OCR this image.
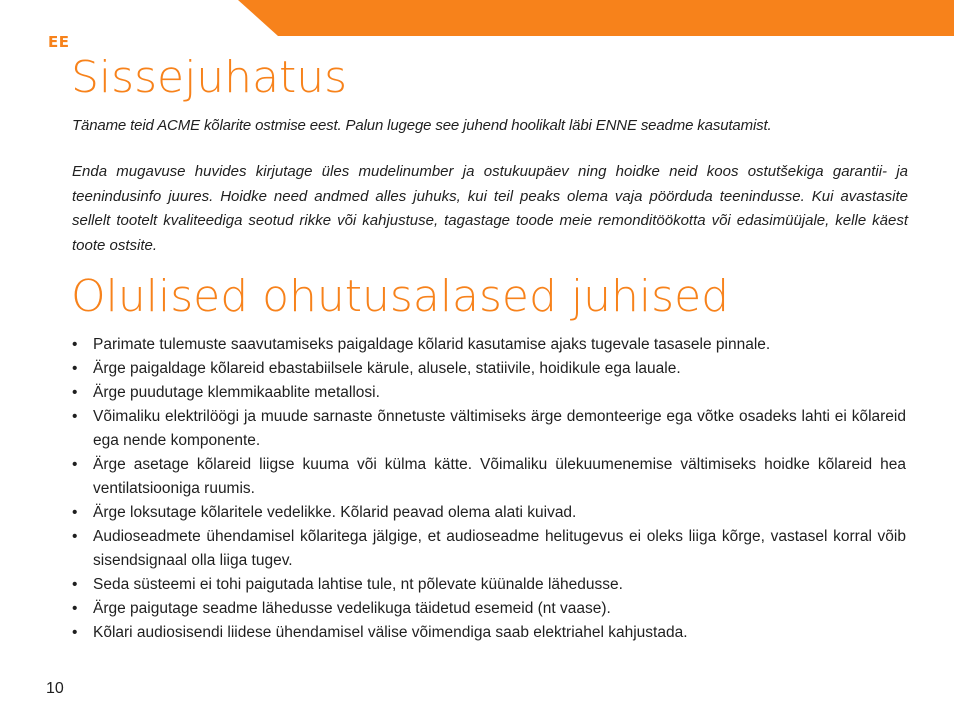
EE
Sissejuhatus

Täname teid ACME kõlarite ostmise eest. Palun lugege see juhend hoolikalt läbi ENNE seadme kasutamist.

Enda mugavuse huvides kirjutage üles mudelinumber ja ostukuupäev ning hoidke neid koos ostutšekiga garantii- ja teenindusinfo juures. Hoidke need andmed alles juhuks, kui teil peaks olema vaja pöörduda teenindusse. Kui avastasite sellelt tootelt kvaliteediga seotud rikke või kahjustuse, tagastage toode meie remonditöökotta või edasimüüjale, kelle käest toote ostsite.

Olulised ohutusalased juhised
• Parimate tulemuste saavutamiseks paigaldage kõlarid kasutamise ajaks tugevale tasasele pinnale.
• Ärge paigaldage kõlareid ebastabiilsele kärule, alusele, statiivile, hoidikule ega lauale.
• Ärge puudutage klemmikaablite metallosi.
• Võimaliku elektrilöögi ja muude sarnaste õnnetuste vältimiseks ärge demonteerige ega võtke osadeks lahti ei kõlareid ega nende komponente.
• Ärge asetage kõlareid liigse kuuma või külma kätte. Võimaliku ülekuumenemise vältimiseks hoidke kõlareid hea ventilatsiooniga ruumis.
• Ärge loksutage kõlaritele vedelikke. Kõlarid peavad olema alati kuivad.
• Audioseadmete ühendamisel kõlaritega jälgige, et audioseadme helitugevus ei oleks liiga kõrge, vastasel korral võib sisendsignaal olla liiga tugev.
• Seda süsteemi ei tohi paigutada lahtise tule, nt põlevate küünalde lähedusse.
• Ärge paigutage seadme lähedusse vedelikuga täidetud esemeid (nt vaase).
• Kõlari audiosisendi liidese ühendamisel välise võimendiga saab elektriahel kahjustada.
10
